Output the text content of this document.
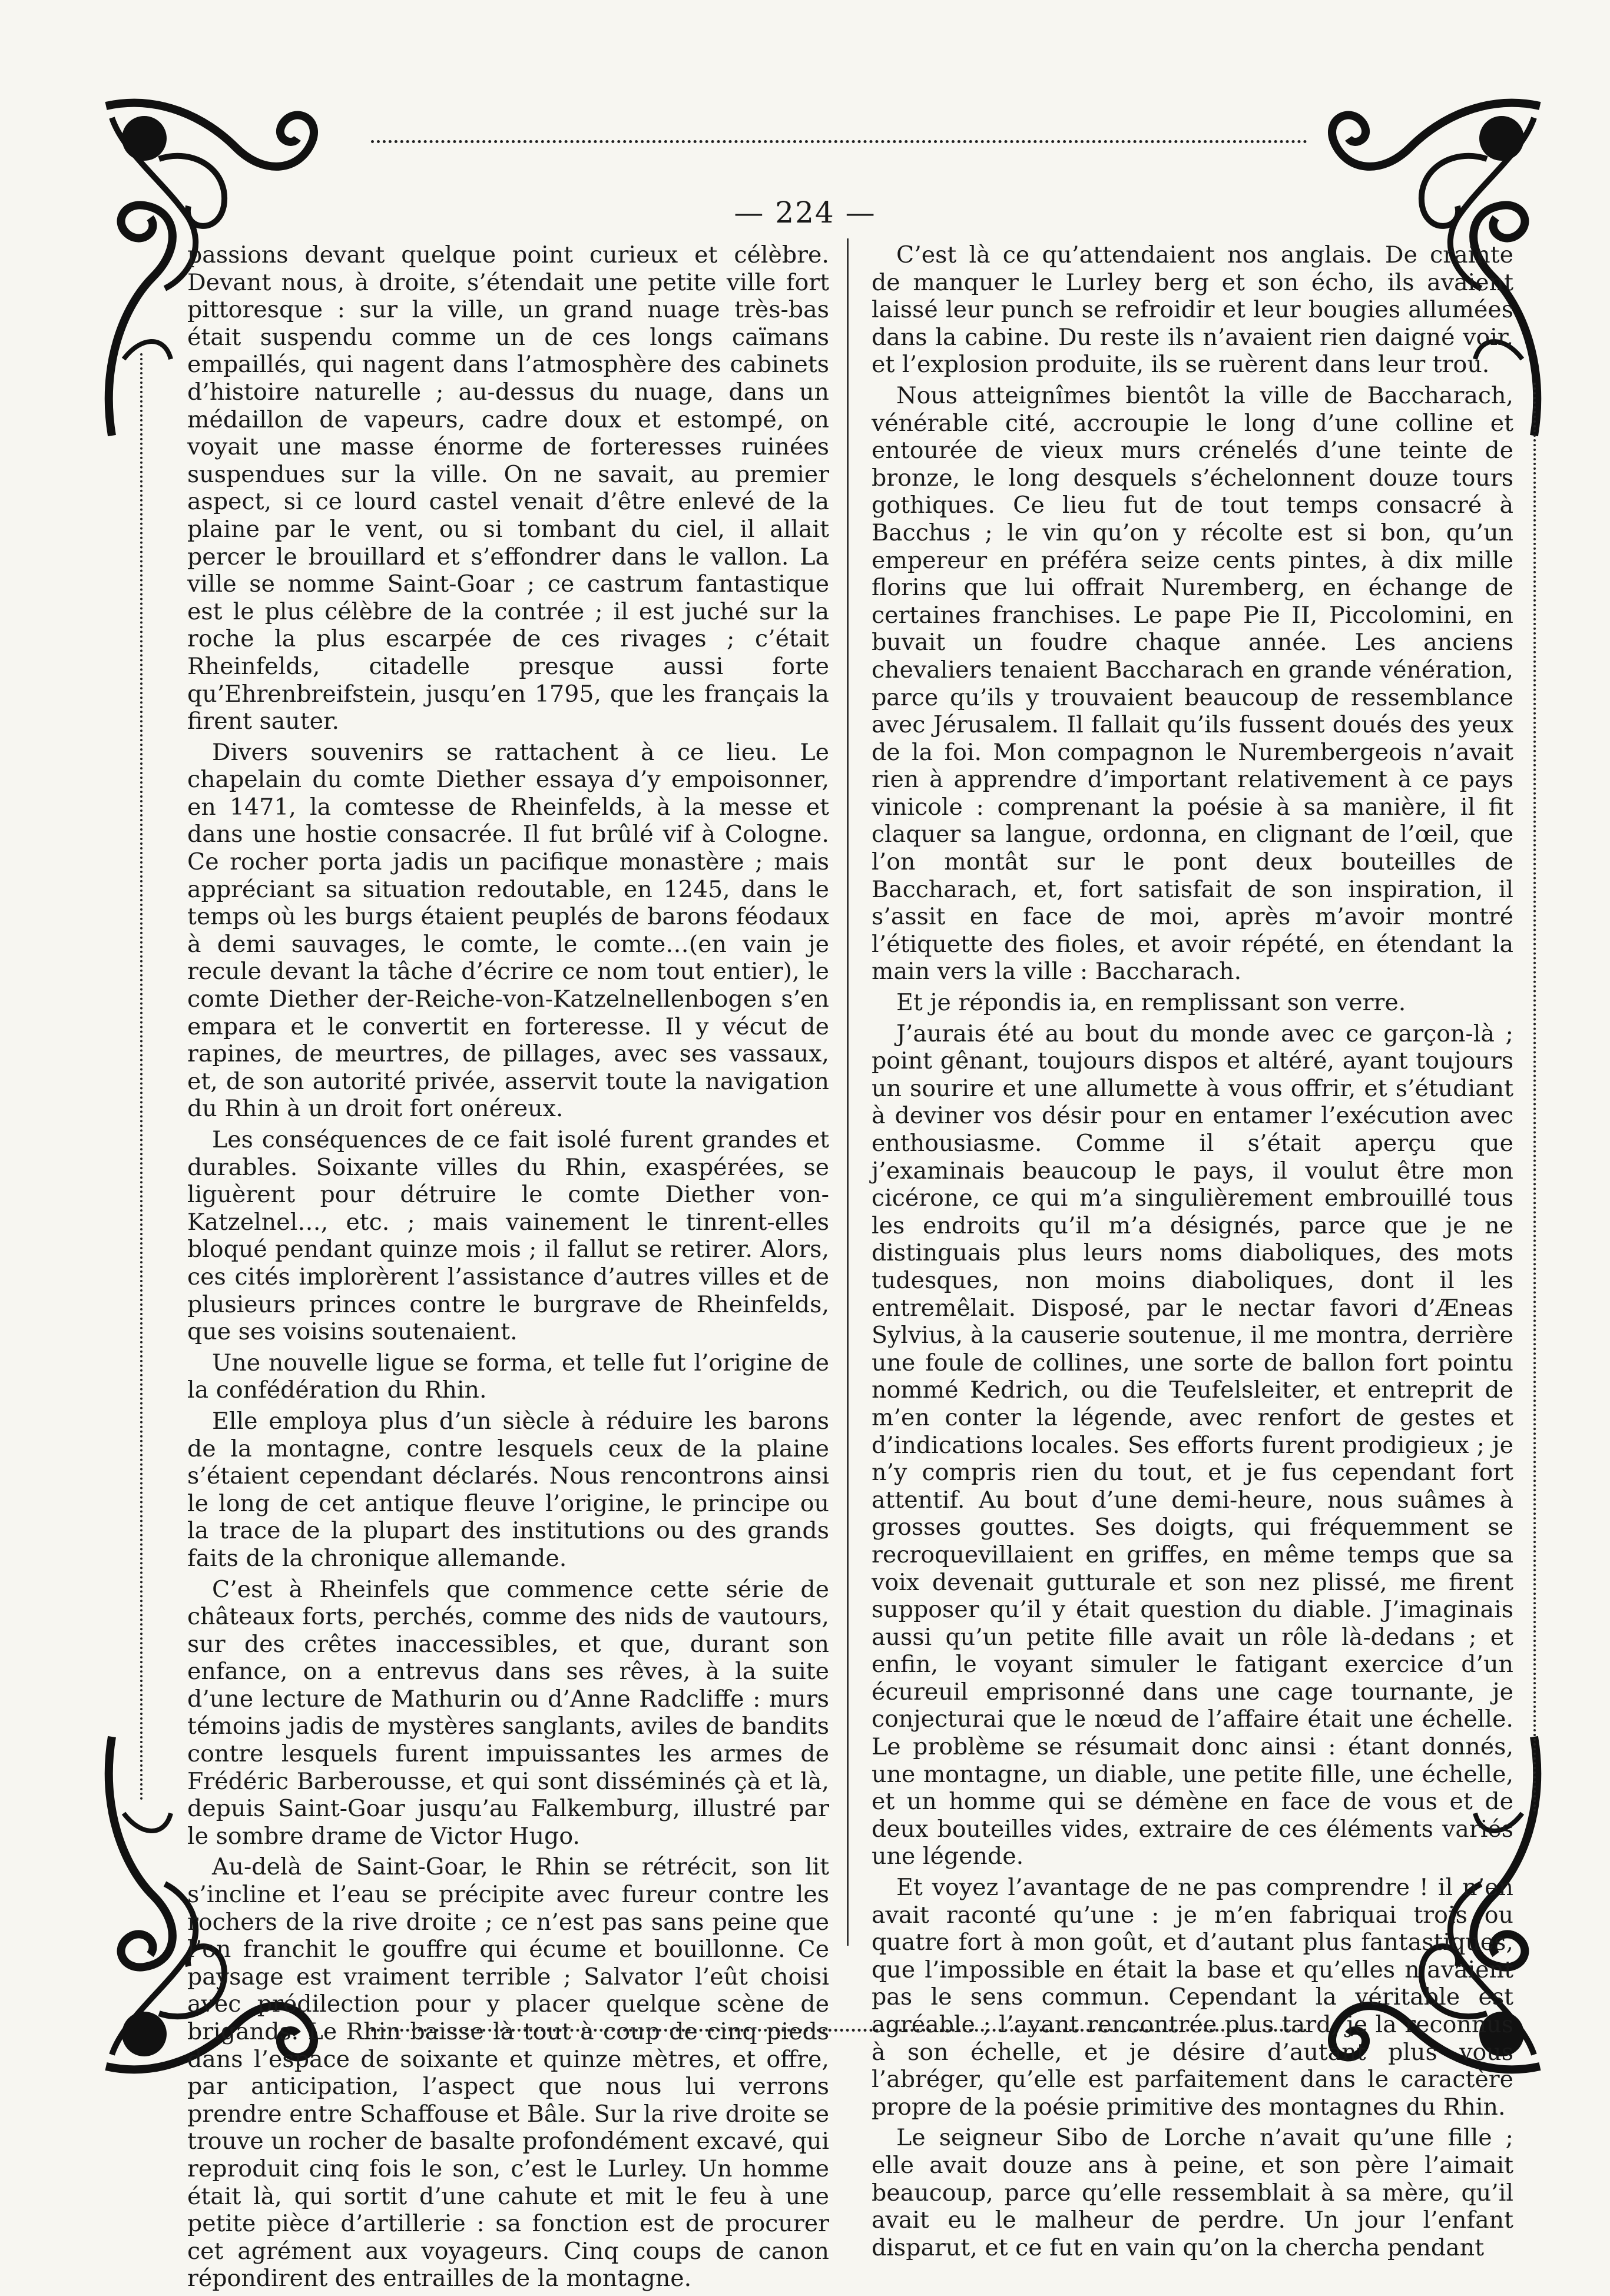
— 224 —

passions devant quelque point curieux et célèbre. Devant nous, à droite, s’étendait une petite ville fort pittoresque : sur la ville, un grand nuage très-bas était suspendu comme un de ces longs caïmans empaillés, qui nagent dans l’atmosphère des cabinets d’histoire naturelle ; au-dessus du nuage, dans un médaillon de vapeurs, cadre doux et estompé, on voyait une masse énorme de forteresses ruinées suspendues sur la ville. On ne savait, au premier aspect, si ce lourd castel venait d’être enlevé de la plaine par le vent, ou si tombant du ciel, il allait percer le brouillard et s’effondrer dans le vallon. La ville se nomme Saint-Goar ; ce castrum fantastique est le plus célèbre de la contrée ; il est juché sur la roche la plus escarpée de ces rivages ; c’était Rheinfelds, citadelle presque aussi forte qu’Ehrenbreifstein, jusqu’en 1795, que les français la firent sauter.

Divers souvenirs se rattachent à ce lieu. Le chapelain du comte Diether essaya d’y empoisonner, en 1471, la comtesse de Rheinfelds, à la messe et dans une hostie consacrée. Il fut brûlé vif à Cologne. Ce rocher porta jadis un pacifique monastère ; mais appréciant sa situation redoutable, en 1245, dans le temps où les burgs étaient peuplés de barons féodaux à demi sauvages, le comte, le comte…(en vain je recule devant la tâche d’écrire ce nom tout entier), le comte Diether der-Reiche-von-Katzelnellenbogen s’en empara et le convertit en forteresse. Il y vécut de rapines, de meurtres, de pillages, avec ses vassaux, et, de son autorité privée, asservit toute la navigation du Rhin à un droit fort onéreux.

Les conséquences de ce fait isolé furent grandes et durables. Soixante villes du Rhin, exaspérées, se liguèrent pour détruire le comte Diether von-Katzelnel…, etc. ; mais vainement le tinrent-elles bloqué pendant quinze mois ; il fallut se retirer. Alors, ces cités implorèrent l’assistance d’autres villes et de plusieurs princes contre le burgrave de Rheinfelds, que ses voisins soutenaient.

Une nouvelle ligue se forma, et telle fut l’origine de la confédération du Rhin.

Elle employa plus d’un siècle à réduire les barons de la montagne, contre lesquels ceux de la plaine s’étaient cependant déclarés. Nous rencontrons ainsi le long de cet antique fleuve l’origine, le principe ou la trace de la plupart des institutions ou des grands faits de la chronique allemande.

C’est à Rheinfels que commence cette série de châteaux forts, perchés, comme des nids de vautours, sur des crêtes inaccessibles, et que, durant son enfance, on a entrevus dans ses rêves, à la suite d’une lecture de Mathurin ou d’Anne Radcliffe : murs témoins jadis de mystères sanglants, aviles de bandits contre lesquels furent impuissantes les armes de Frédéric Barberousse, et qui sont disséminés çà et là, depuis Saint-Goar jusqu’au Falkemburg, illustré par le sombre drame de Victor Hugo.

Au-delà de Saint-Goar, le Rhin se rétrécit, son lit s’incline et l’eau se précipite avec fureur contre les rochers de la rive droite ; ce n’est pas sans peine que l’on franchit le gouffre qui écume et bouillonne. Ce paysage est vraiment terrible ; Salvator l’eût choisi avec prédilection pour y placer quelque scène de brigands. Le Rhin baisse là tout à coup de cinq pieds dans l’espace de soixante et quinze mètres, et offre, par anticipation, l’aspect que nous lui verrons prendre entre Schaffouse et Bâle. Sur la rive droite se trouve un rocher de basalte profondément excavé, qui reproduit cinq fois le son, c’est le Lurley. Un homme était là, qui sortit d’une cahute et mit le feu à une petite pièce d’artillerie : sa fonction est de procurer cet agrément aux voyageurs. Cinq coups de canon répondirent des entrailles de la montagne.

C’est là ce qu’attendaient nos anglais. De crainte de manquer le Lurley berg et son écho, ils avaient laissé leur punch se refroidir et leur bougies allumées dans la cabine. Du reste ils n’avaient rien daigné voir, et l’explosion produite, ils se ruèrent dans leur trou.

Nous atteignîmes bientôt la ville de Baccharach, vénérable cité, accroupie le long d’une colline et entourée de vieux murs crénelés d’une teinte de bronze, le long desquels s’échelonnent douze tours gothiques. Ce lieu fut de tout temps consacré à Bacchus ; le vin qu’on y récolte est si bon, qu’un empereur en préféra seize cents pintes, à dix mille florins que lui offrait Nuremberg, en échange de certaines franchises. Le pape Pie II, Piccolomini, en buvait un foudre chaque année. Les anciens chevaliers tenaient Baccharach en grande vénération, parce qu’ils y trouvaient beaucoup de ressemblance avec Jérusalem. Il fallait qu’ils fussent doués des yeux de la foi. Mon compagnon le Nurembergeois n’avait rien à apprendre d’important relativement à ce pays vinicole : comprenant la poésie à sa manière, il fit claquer sa langue, ordonna, en clignant de l’œil, que l’on montât sur le pont deux bouteilles de Baccharach, et, fort satisfait de son inspiration, il s’assit en face de moi, après m’avoir montré l’étiquette des fioles, et avoir répété, en étendant la main vers la ville : Baccharach.

Et je répondis ia, en remplissant son verre.

J’aurais été au bout du monde avec ce garçon-là ; point gênant, toujours dispos et altéré, ayant toujours un sourire et une allumette à vous offrir, et s’étudiant à deviner vos désir pour en entamer l’exécution avec enthousiasme. Comme il s’était aperçu que j’examinais beaucoup le pays, il voulut être mon cicérone, ce qui m’a singulièrement embrouillé tous les endroits qu’il m’a désignés, parce que je ne distinguais plus leurs noms diaboliques, des mots tudesques, non moins diaboliques, dont il les entremêlait. Disposé, par le nectar favori d’Æneas Sylvius, à la causerie soutenue, il me montra, derrière une foule de collines, une sorte de ballon fort pointu nommé Kedrich, ou die Teufelsleiter, et entreprit de m’en conter la légende, avec renfort de gestes et d’indications locales. Ses efforts furent prodigieux ; je n’y compris rien du tout, et je fus cependant fort attentif. Au bout d’une demi-heure, nous suâmes à grosses gouttes. Ses doigts, qui fréquemment se recroquevillaient en griffes, en même temps que sa voix devenait gutturale et son nez plissé, me firent supposer qu’il y était question du diable. J’imaginais aussi qu’un petite fille avait un rôle là-dedans ; et enfin, le voyant simuler le fatigant exercice d’un écureuil emprisonné dans une cage tournante, je conjecturai que le nœud de l’affaire était une échelle. Le problème se résumait donc ainsi : étant donnés, une montagne, un diable, une petite fille, une échelle, et un homme qui se démène en face de vous et de deux bouteilles vides, extraire de ces éléments variés une légende.

Et voyez l’avantage de ne pas comprendre ! il n’en avait raconté qu’une : je m’en fabriquai trois ou quatre fort à mon goût, et d’autant plus fantastiques, que l’impossible en était la base et qu’elles n’avaient pas le sens commun. Cependant la véritable est agréable ; l’ayant rencontrée plus tard, je la reconnus à son échelle, et je désire d’autant plus vous l’abréger, qu’elle est parfaitement dans le caractère propre de la poésie primitive des montagnes du Rhin.

Le seigneur Sibo de Lorche n’avait qu’une fille ; elle avait douze ans à peine, et son père l’aimait beaucoup, parce qu’elle ressemblait à sa mère, qu’il avait eu le malheur de perdre. Un jour l’enfant disparut, et ce fut en vain qu’on la chercha pendant
